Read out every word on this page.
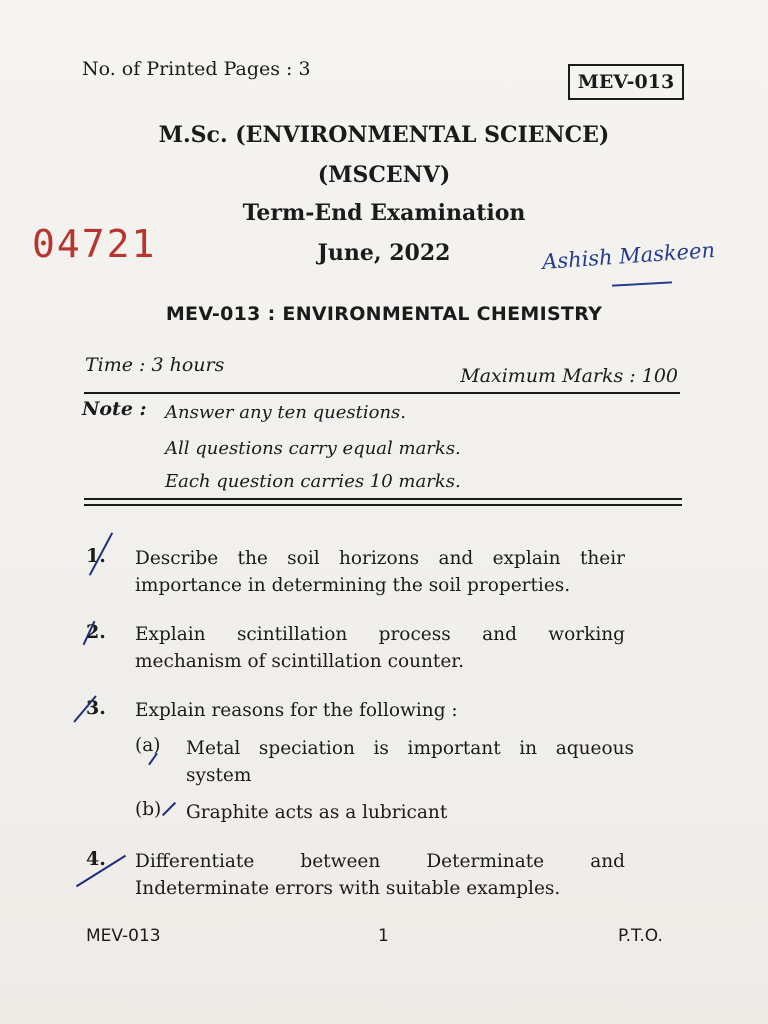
No. of Printed Pages : 3
MEV-013
M.Sc. (ENVIRONMENTAL SCIENCE)
(MSCENV)
Term-End Examination
June, 2022
04721	Ashish Maskeen
MEV-013 : ENVIRONMENTAL CHEMISTRY
Time : 3 hours	Maximum Marks : 100
Note : Answer any ten questions.
All questions carry equal marks.
Each question carries 10 marks.
1. Describe the soil horizons and explain their importance in determining the soil properties.
2. Explain scintillation process and working mechanism of scintillation counter.
3. Explain reasons for the following :
(a) Metal speciation is important in aqueous system
(b) Graphite acts as a lubricant
4. Differentiate between Determinate and Indeterminate errors with suitable examples.
MEV-013	1	P.T.O.
